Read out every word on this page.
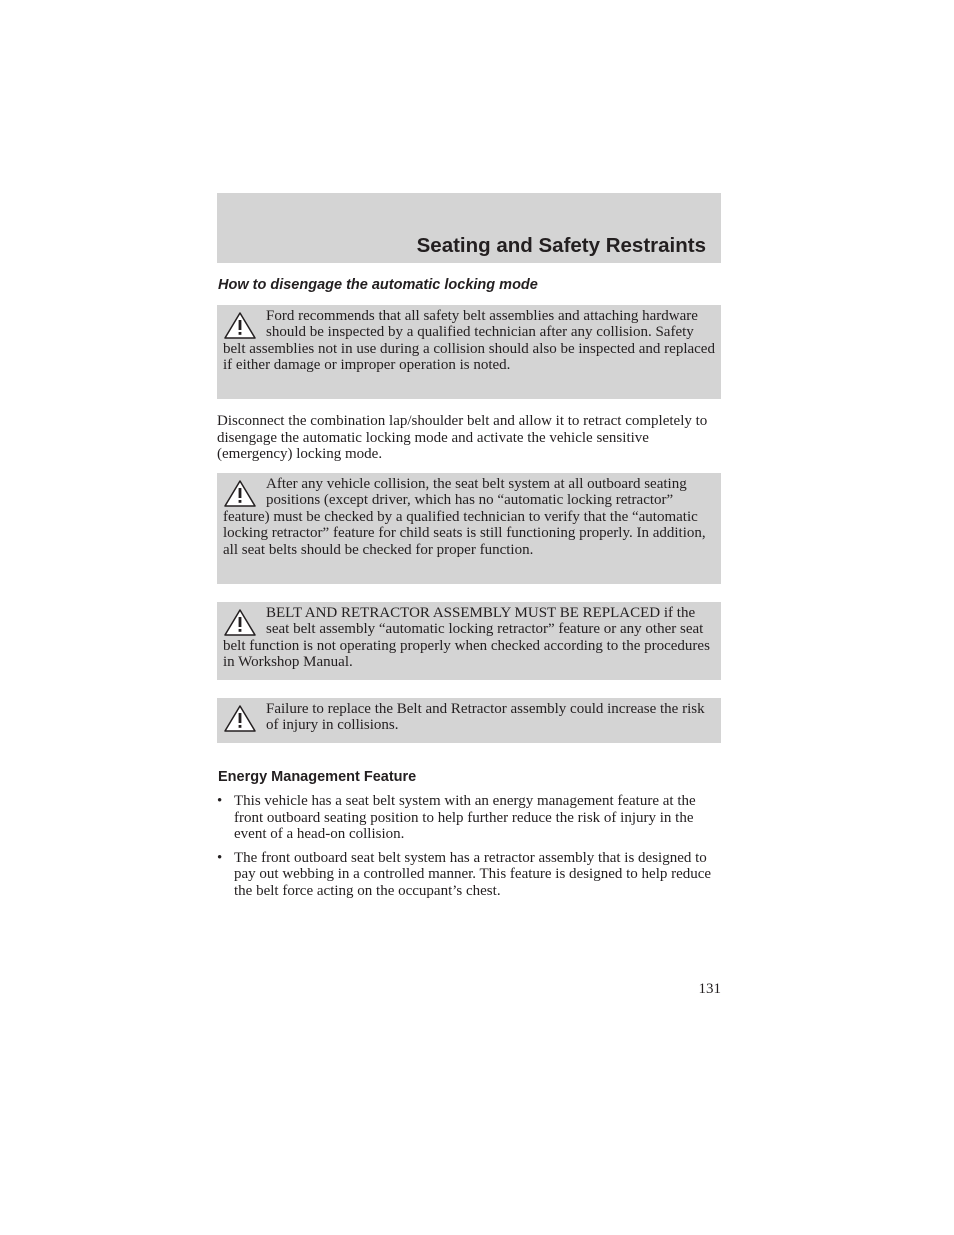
Seating and Safety Restraints
How to disengage the automatic locking mode

Ford recommends that all safety belt assemblies and attaching hardware should be inspected by a qualified technician after any collision. Safety belt assemblies not in use during a collision should also be inspected and replaced if either damage or improper operation is noted.

Disconnect the combination lap/shoulder belt and allow it to retract completely to disengage the automatic locking mode and activate the vehicle sensitive (emergency) locking mode.

After any vehicle collision, the seat belt system at all outboard seating positions (except driver, which has no “automatic locking retractor” feature) must be checked by a qualified technician to verify that the “automatic locking retractor” feature for child seats is still functioning properly. In addition, all seat belts should be checked for proper function.

BELT AND RETRACTOR ASSEMBLY MUST BE REPLACED if the seat belt assembly “automatic locking retractor” feature or any other seat belt function is not operating properly when checked according to the procedures in Workshop Manual.

Failure to replace the Belt and Retractor assembly could increase the risk of injury in collisions.

Energy Management Feature
• This vehicle has a seat belt system with an energy management feature at the front outboard seating position to help further reduce the risk of injury in the event of a head-on collision.
• The front outboard seat belt system has a retractor assembly that is designed to pay out webbing in a controlled manner. This feature is designed to help reduce the belt force acting on the occupant’s chest.

131
